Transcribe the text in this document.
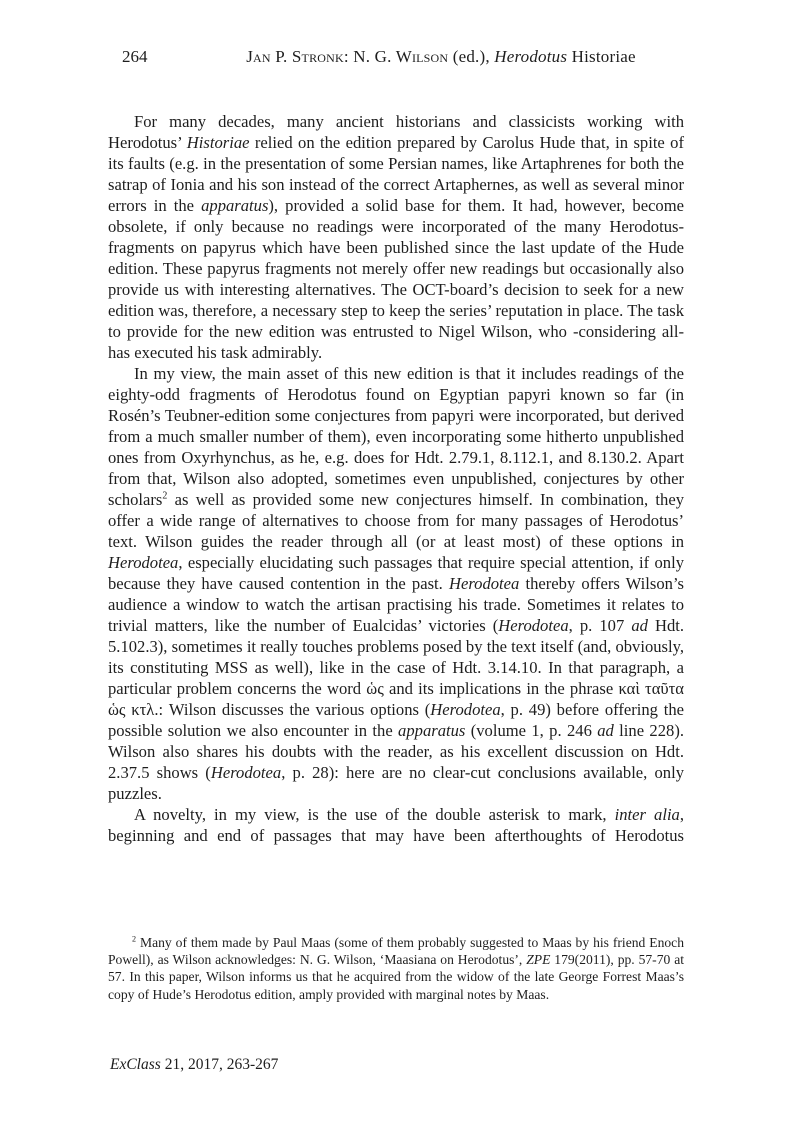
264	Jan P. Stronk: N. G. Wilson (ed.), Herodotus Historiae

For many decades, many ancient historians and classicists working with Herodotus’ Historiae relied on the edition prepared by Carolus Hude that, in spite of its faults (e.g. in the presentation of some Persian names, like Artaphrenes for both the satrap of Ionia and his son instead of the correct Artaphernes, as well as several minor errors in the apparatus), provided a solid base for them. It had, however, become obsolete, if only because no readings were incorporated of the many Herodotus-fragments on papyrus which have been published since the last update of the Hude edition. These papyrus fragments not merely offer new readings but occasionally also provide us with interesting alternatives. The OCT-board’s decision to seek for a new edition was, therefore, a necessary step to keep the series’ reputation in place. The task to provide for the new edition was entrusted to Nigel Wilson, who -considering all- has executed his task admirably.

In my view, the main asset of this new edition is that it includes readings of the eighty-odd fragments of Herodotus found on Egyptian papyri known so far (in Rosén’s Teubner-edition some conjectures from papyri were incorporated, but derived from a much smaller number of them), even incorporating some hitherto unpublished ones from Oxyrhynchus, as he, e.g. does for Hdt. 2.79.1, 8.112.1, and 8.130.2. Apart from that, Wilson also adopted, sometimes even unpublished, conjectures by other scholars$^2$ as well as provided some new conjectures himself. In combination, they offer a wide range of alternatives to choose from for many passages of Herodotus’ text. Wilson guides the reader through all (or at least most) of these options in Herodotea, especially elucidating such passages that require special attention, if only because they have caused contention in the past. Herodotea thereby offers Wilson’s audience a window to watch the artisan practising his trade. Sometimes it relates to trivial matters, like the number of Eualcidas’ victories (Herodotea, p. 107 ad Hdt. 5.102.3), sometimes it really touches problems posed by the text itself (and, obviously, its constituting MSS as well), like in the case of Hdt. 3.14.10. In that paragraph, a particular problem concerns the word ὡς and its implications in the phrase καὶ ταῦτα ὡς κτλ.: Wilson discusses the various options (Herodotea, p. 49) before offering the possible solution we also encounter in the apparatus (volume 1, p. 246 ad line 228). Wilson also shares his doubts with the reader, as his excellent discussion on Hdt. 2.37.5 shows (Herodotea, p. 28): here are no clear-cut conclusions available, only puzzles.

A novelty, in my view, is the use of the double asterisk to mark, inter alia, beginning and end of passages that may have been afterthoughts of Herodotus

$^2$ Many of them made by Paul Maas (some of them probably suggested to Maas by his friend Enoch Powell), as Wilson acknowledges: N. G. Wilson, ‘Maasiana on Herodotus’, ZPE 179(2011), pp. 57-70 at 57. In this paper, Wilson informs us that he acquired from the widow of the late George Forrest Maas’s copy of Hude’s Herodotus edition, amply provided with marginal notes by Maas.
ExClass 21, 2017, 263-267
